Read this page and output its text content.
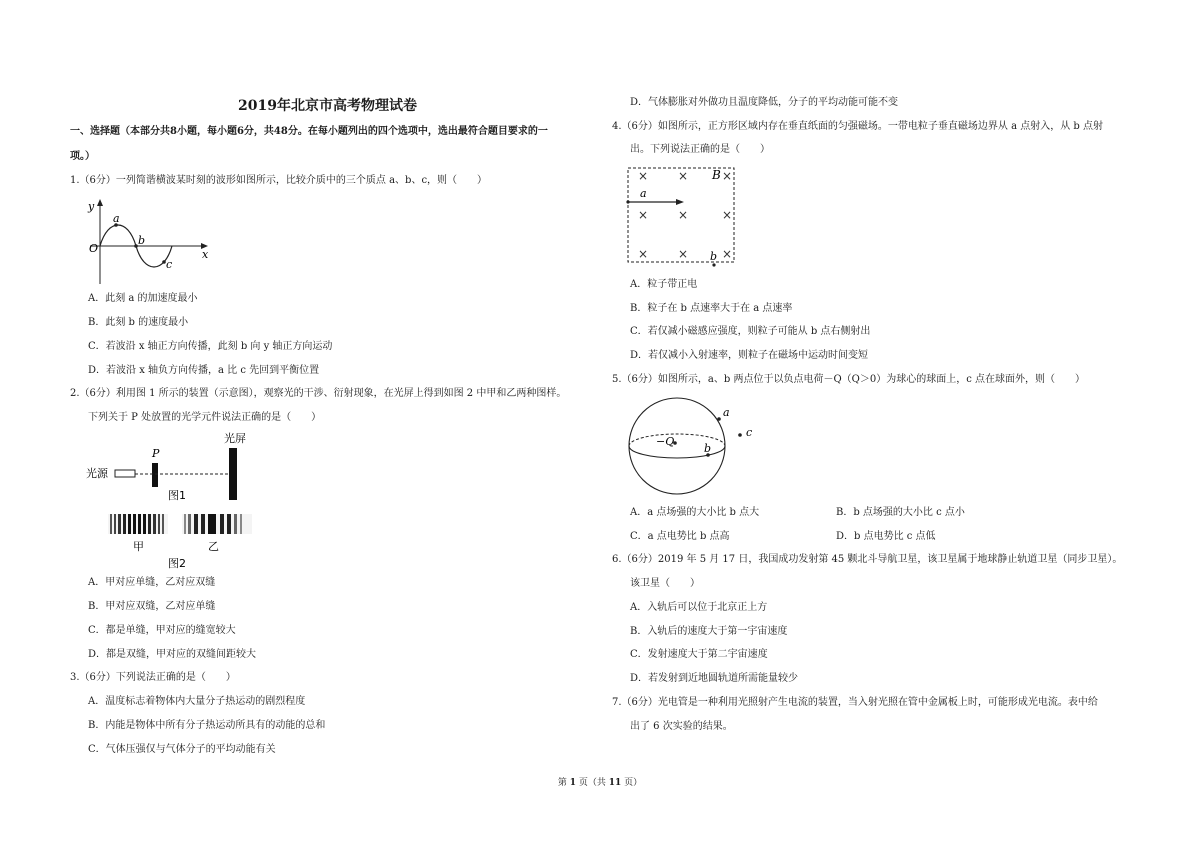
2019年北京市高考物理试卷
一、选择题（本部分共8小题，每小题6分，共48分。在每小题列出的四个选项中，选出最符合题目要求的一
项。）
1.（6分）一列简谐横波某时刻的波形如图所示，比较介质中的三个质点 a、b、c，则（　　）
y
x
O
a
b
c
A．此刻 a 的加速度最小
B．此刻 b 的速度最小
C．若波沿 x 轴正方向传播，此刻 b 向 y 轴正方向运动
D．若波沿 x 轴负方向传播，a 比 c 先回到平衡位置
2.（6分）利用图 1 所示的装置（示意图），观察光的干涉、衍射现象，在光屏上得到如图 2 中甲和乙两种图样。
下列关于 P 处放置的光学元件说法正确的是（　　）
光屏
P
光源
图1
甲	乙
图2
A．甲对应单缝，乙对应双缝
B．甲对应双缝，乙对应单缝
C．都是单缝，甲对应的缝宽较大
D．都是双缝，甲对应的双缝间距较大
3.（6分）下列说法正确的是（　　）
A．温度标志着物体内大量分子热运动的剧烈程度
B．内能是物体中所有分子热运动所具有的动能的总和
C．气体压强仅与气体分子的平均动能有关
D．气体膨胀对外做功且温度降低，分子的平均动能可能不变
4.（6分）如图所示，正方形区域内存在垂直纸面的匀强磁场。一带电粒子垂直磁场边界从 a 点射入，从 b 点射
出。下列说法正确的是（　　）
× ×	×
× ×	×
× ×	×
B
a
b
A．粒子带正电
B．粒子在 b 点速率大于在 a 点速率
C．若仅减小磁感应强度，则粒子可能从 b 点右侧射出
D．若仅减小入射速率，则粒子在磁场中运动时间变短
5.（6分）如图所示，a、b 两点位于以负点电荷－Q（Q＞0）为球心的球面上，c 点在球面外，则（　　）
−Q
a
b
c
A．a 点场强的大小比 b 点大	B．b 点场强的大小比 c 点小
C．a 点电势比 b 点高	D．b 点电势比 c 点低
6.（6分）2019 年 5 月 17 日，我国成功发射第 45 颗北斗导航卫星，该卫星属于地球静止轨道卫星（同步卫星）。
该卫星（　　）
A．入轨后可以位于北京正上方
B．入轨后的速度大于第一宇宙速度
C．发射速度大于第二宇宙速度
D．若发射到近地圆轨道所需能量较少
7.（6分）光电管是一种利用光照射产生电流的装置，当入射光照在管中金属板上时，可能形成光电流。表中给
出了 6 次实验的结果。
第 1 页（共 11 页）
